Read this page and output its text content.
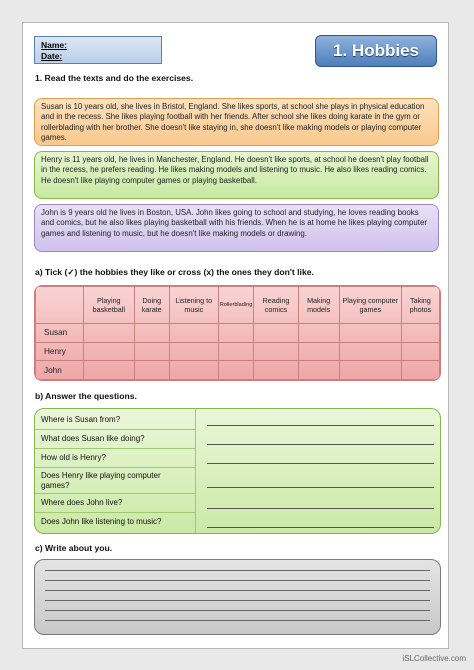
Name:
Date:	1. Hobbies
1. Read the texts and do the exercises.
Susan is 10 years old, she lives in Bristol, England. She likes sports, at school she plays in physical education and in the recess. She likes playing football with her friends. After school she likes doing karate in the gym or rollerblading with her brother. She doesn't like staying in, she doesn't like making models or playing computer games.
Henry is 11 years old, he lives in Manchester, England. He doesn't like sports, at school he doesn't play football in the recess, he prefers reading. He likes making models and listening to music. He also likes reading comics. He doesn't like playing computer games or playing basketball.
John is 9 years old he lives in Boston, USA. John likes going to school and studying, he loves reading books and comics, but he also likes playing basketball with his friends. When he is at home he likes playing computer games and listening to music, but he doesn't like making models or drawing.
a) Tick (✓) the hobbies they like or cross (x) the ones they don't like.
	Playing basketball	Doing karate	Listening to music	Rollerblading	Reading comics	Making models	Playing computer games	Taking photos
Susan								
Henry								
John								
b) Answer the questions.
Where is Susan from?
What does Susan like doing?
How old is Henry?
Does Henry like playing computer games?
Where does John live?
Does John like listening to music?
c) Write about you.
iSLCollective.com
